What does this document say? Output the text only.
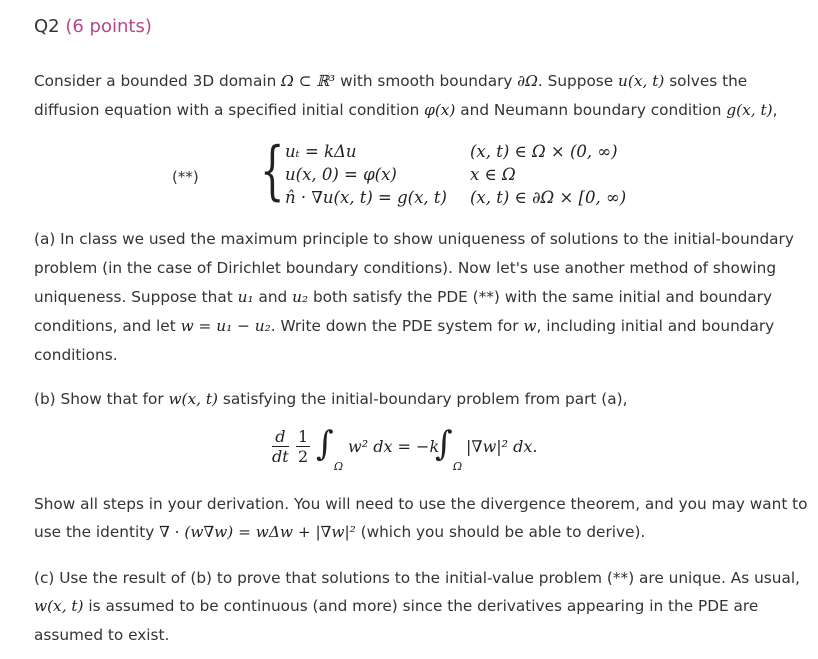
Q2 (6 points)
Consider a bounded 3D domain Ω ⊂ ℝ³ with smooth boundary ∂Ω. Suppose u(x, t) solves the
diffusion equation with a specified initial condition φ(x) and Neumann boundary condition g(x, t),
(**) { uₜ = kΔu	(x, t) ∈ Ω × (0, ∞)
u(x, 0) = φ(x)	x ∈ Ω
n̂ · ∇u(x, t) = g(x, t) (x, t) ∈ ∂Ω × [0, ∞)
(a) In class we used the maximum principle to show uniqueness of solutions to the initial-boundary
problem (in the case of Dirichlet boundary conditions). Now let's use another method of showing
uniqueness. Suppose that u₁ and u₂ both satisfy the PDE (**) with the same initial and boundary
conditions, and let w = u₁ − u₂. Write down the PDE system for w, including initial and boundary
conditions.
(b) Show that for w(x, t) satisfying the initial-boundary problem from part (a),
$\frac{d}{dt} \frac{1}{2}$ ∫
Ω
w² dx = −k
∫
Ω
|∇w|² dx.
Show all steps in your derivation. You will need to use the divergence theorem, and you may want to
use the identity ∇ · (w∇w) = wΔw + |∇w|² (which you should be able to derive).
(c) Use the result of (b) to prove that solutions to the initial-value problem (**) are unique. As usual,
w(x, t) is assumed to be continuous (and more) since the derivatives appearing in the PDE are
assumed to exist.
